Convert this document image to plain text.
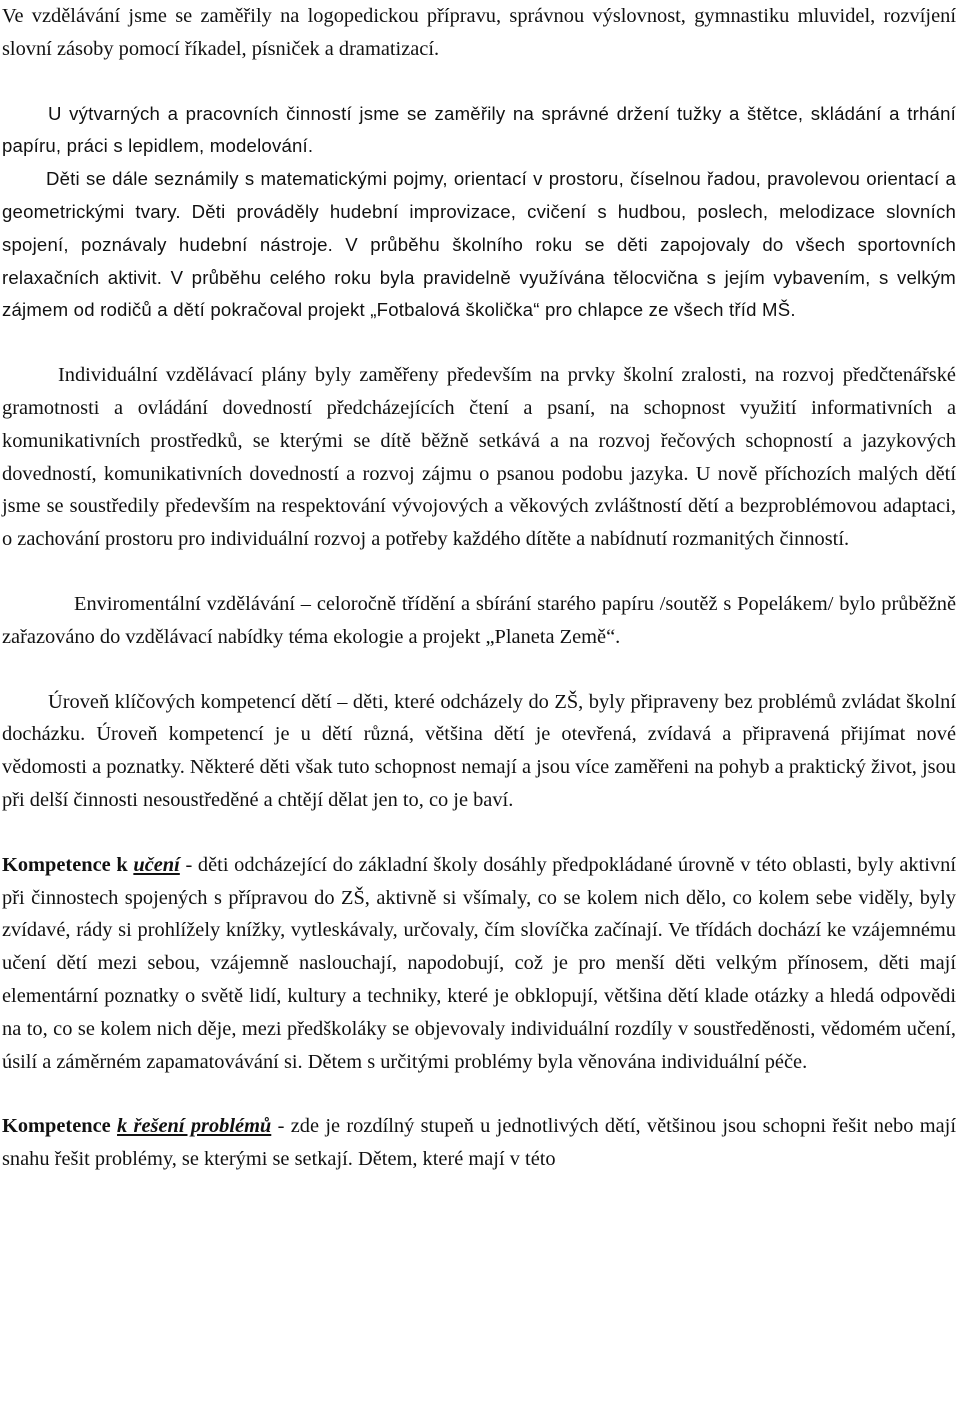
Ve vzdělávání jsme se zaměřily na logopedickou přípravu, správnou výslovnost, gymnastiku mluvidel, rozvíjení slovní zásoby pomocí říkadel, písniček a dramatizací.

U výtvarných a pracovních činností jsme se zaměřily na správné držení tužky a štětce, skládání a trhání papíru, práci s lepidlem, modelování.

Děti se dále seznámily s matematickými pojmy, orientací v prostoru, číselnou řadou, pravolevou orientací a geometrickými tvary. Děti prováděly hudební improvizace, cvičení s hudbou, poslech, melodizace slovních spojení, poznávaly hudební nástroje. V průběhu školního roku se děti zapojovaly do všech sportovních relaxačních aktivit. V průběhu celého roku byla pravidelně využívána tělocvična s jejím vybavením, s velkým zájmem od rodičů a dětí pokračoval projekt „Fotbalová školička“ pro chlapce ze všech tříd MŠ.

Individuální vzdělávací plány byly zaměřeny především na prvky školní zralosti, na rozvoj předčtenářské gramotnosti a ovládání dovedností předcházejících čtení a psaní, na schopnost využití informativních a komunikativních prostředků, se kterými se dítě běžně setkává a na rozvoj řečových schopností a jazykových dovedností, komunikativních dovedností a rozvoj zájmu o psanou podobu jazyka. U nově příchozích malých dětí jsme se soustředily především na respektování vývojových a věkových zvláštností dětí a bezproblémovou adaptaci, o zachování prostoru pro individuální rozvoj a potřeby každého dítěte a nabídnutí rozmanitých činností.

Enviromentální vzdělávání – celoročně třídění a sbírání starého papíru /soutěž s Popelákem/ bylo průběžně zařazováno do vzdělávací nabídky téma ekologie a projekt „Planeta Země“.

Úroveň klíčových kompetencí dětí – děti, které odcházely do ZŠ, byly připraveny bez problémů zvládat školní docházku. Úroveň kompetencí je u dětí různá, většina dětí je otevřená, zvídavá a připravená přijímat nové vědomosti a poznatky. Některé děti však tuto schopnost nemají a jsou více zaměřeni na pohyb a praktický život, jsou při delší činnosti nesoustředěné a chtějí dělat jen to, co je baví.

Kompetence k učení - děti odcházející do základní školy dosáhly předpokládané úrovně v této oblasti, byly aktivní při činnostech spojených s přípravou do ZŠ, aktivně si všímaly, co se kolem nich dělo, co kolem sebe viděly, byly zvídavé, rády si prohlížely knížky, vytleskávaly, určovaly, čím slovíčka začínají. Ve třídách dochází ke vzájemnému učení dětí mezi sebou, vzájemně naslouchají, napodobují, což je pro menší děti velkým přínosem, děti mají elementární poznatky o světě lidí, kultury a techniky, které je obklopují, většina dětí klade otázky a hledá odpovědi na to, co se kolem nich děje, mezi předškoláky se objevovaly individuální rozdíly v soustředěnosti, vědomém učení, úsilí a záměrném zapamatovávání si. Dětem s určitými problémy byla věnována individuální péče.

Kompetence k řešení problémů - zde je rozdílný stupeň u jednotlivých dětí, většinou jsou schopni řešit nebo mají snahu řešit problémy, se kterými se setkají. Dětem, které mají v této
